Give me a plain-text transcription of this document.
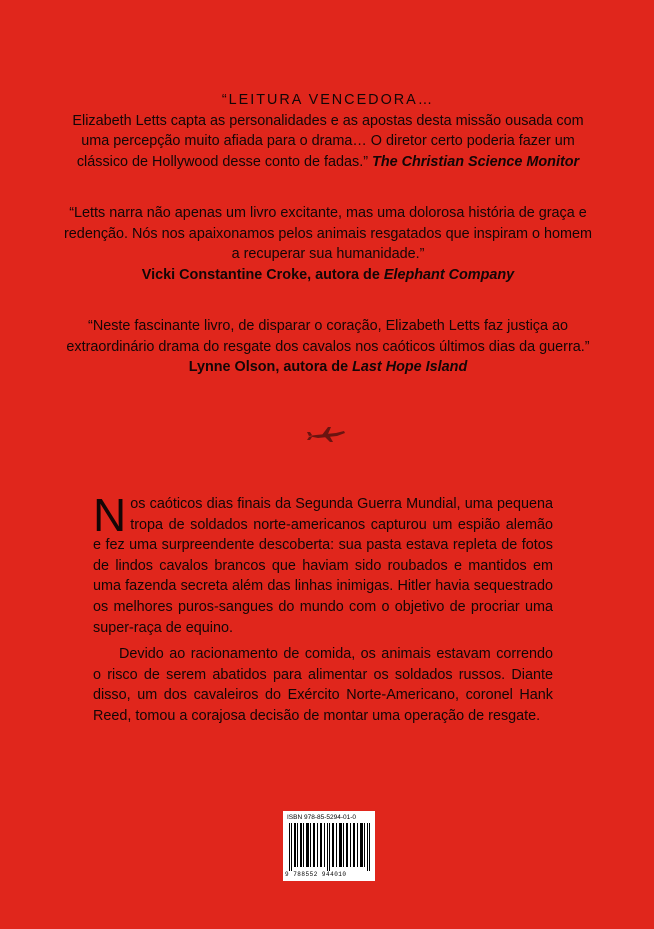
“LEITURA VENCEDORA…
Elizabeth Letts capta as personalidades e as apostas desta missão ousada com uma percepção muito afiada para o drama… O diretor certo poderia fazer um clássico de Hollywood desse conto de fadas.” The Christian Science Monitor

“Letts narra não apenas um livro excitante, mas uma dolorosa história de graça e redenção. Nós nos apaixonamos pelos animais resgatados que inspiram o homem a recuperar sua humanidade.”
Vicki Constantine Croke, autora de Elephant Company

“Neste fascinante livro, de disparar o coração, Elizabeth Letts faz justiça ao extraordinário drama do resgate dos cavalos nos caóticos últimos dias da guerra.” Lynne Olson, autora de Last Hope Island

Nos caóticos dias finais da Segunda Guerra Mundial, uma pequena tropa de soldados norte-americanos capturou um espião alemão e fez uma surpreendente descoberta: sua pasta estava repleta de fotos de lindos cavalos brancos que haviam sido roubados e mantidos em uma fazenda secreta além das linhas inimigas. Hitler havia sequestrado os melhores puros-sangues do mundo com o objetivo de procriar uma super-raça de equino.

Devido ao racionamento de comida, os animais estavam correndo o risco de serem abatidos para alimentar os soldados russos. Diante disso, um dos cavaleiros do Exército Norte-Americano, coronel Hank Reed, tomou a corajosa decisão de montar uma operação de resgate.

ISBN 978-85-5294-01-0
9 788552 944010
